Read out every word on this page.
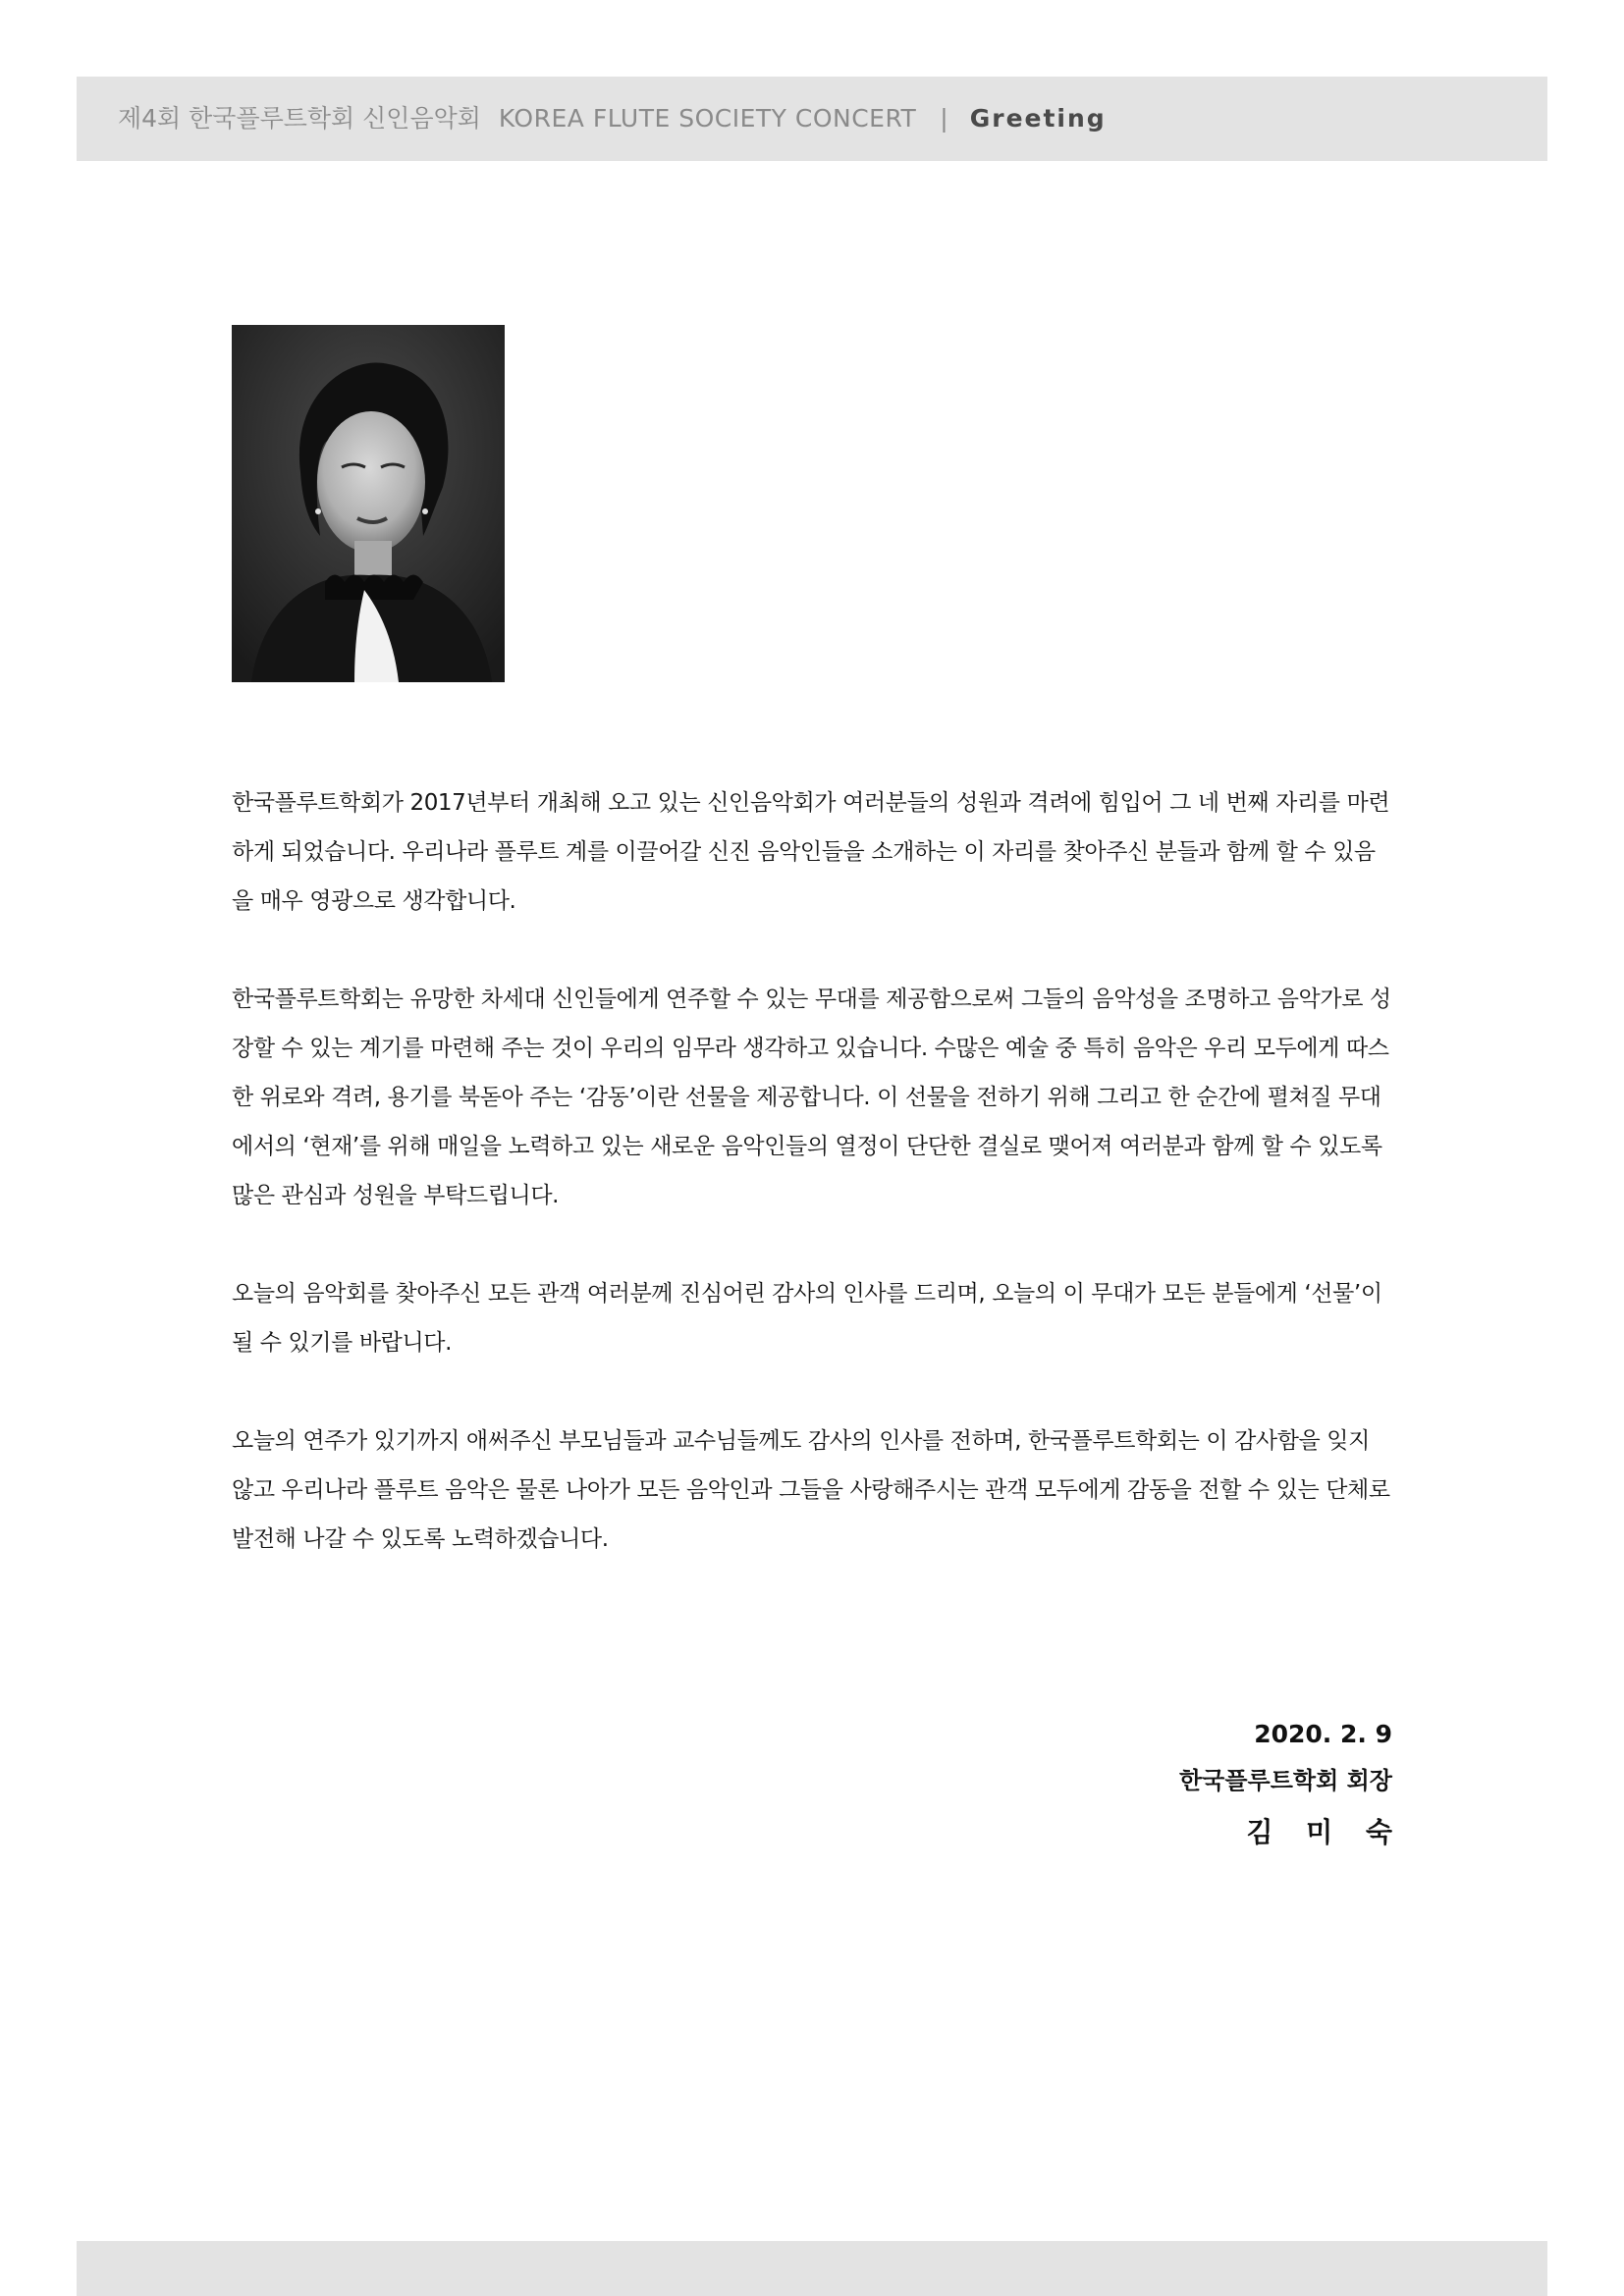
제4회 한국플루트학회 신인음악회 KOREA FLUTE SOCIETY CONCERT | Greeting

한국플루트학회가 2017년부터 개최해 오고 있는 신인음악회가 여러분들의 성원과 격려에 힘입어 그 네 번째 자리를 마련하게 되었습니다. 우리나라 플루트 계를 이끌어갈 신진 음악인들을 소개하는 이 자리를 찾아주신 분들과 함께 할 수 있음을 매우 영광으로 생각합니다.

한국플루트학회는 유망한 차세대 신인들에게 연주할 수 있는 무대를 제공함으로써 그들의 음악성을 조명하고 음악가로 성장할 수 있는 계기를 마련해 주는 것이 우리의 임무라 생각하고 있습니다. 수많은 예술 중 특히 음악은 우리 모두에게 따스한 위로와 격려, 용기를 북돋아 주는 ‘감동’이란 선물을 제공합니다. 이 선물을 전하기 위해 그리고 한 순간에 펼쳐질 무대에서의 ‘현재’를 위해 매일을 노력하고 있는 새로운 음악인들의 열정이 단단한 결실로 맺어져 여러분과 함께 할 수 있도록 많은 관심과 성원을 부탁드립니다.

오늘의 음악회를 찾아주신 모든 관객 여러분께 진심어린 감사의 인사를 드리며, 오늘의 이 무대가 모든 분들에게 ‘선물’이 될 수 있기를 바랍니다.

오늘의 연주가 있기까지 애써주신 부모님들과 교수님들께도 감사의 인사를 전하며, 한국플루트학회는 이 감사함을 잊지 않고 우리나라 플루트 음악은 물론 나아가 모든 음악인과 그들을 사랑해주시는 관객 모두에게 감동을 전할 수 있는 단체로 발전해 나갈 수 있도록 노력하겠습니다.

2020. 2. 9
한국플루트학회 회장
김 미 숙
